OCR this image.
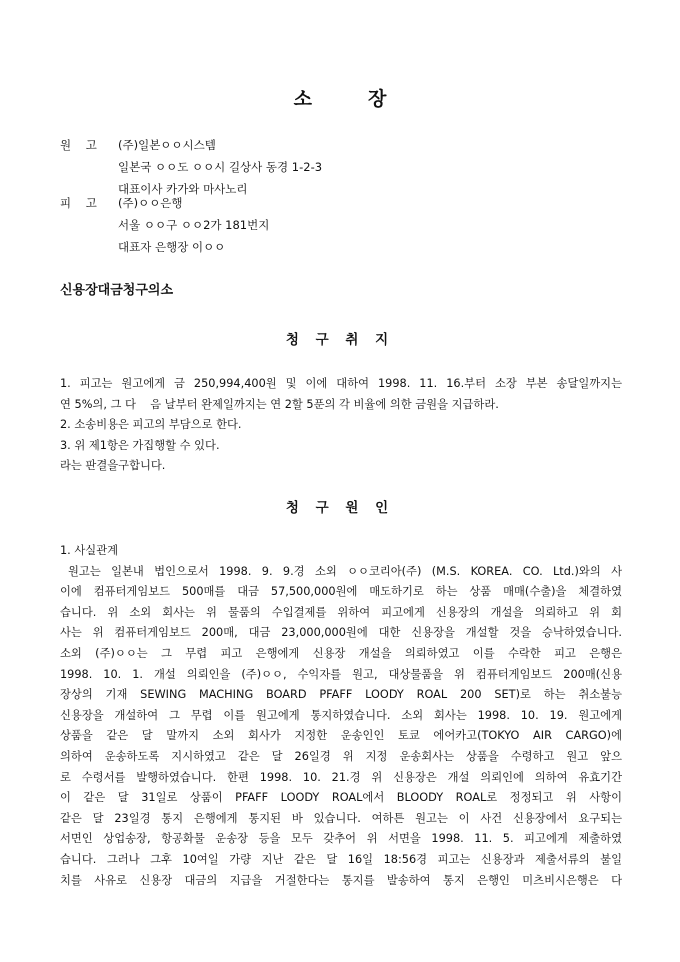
소	장
원    고	(주)일본ㅇㅇ시스템
일본국 ㅇㅇ도 ㅇㅇ시 길상사 동경 1-2-3
대표이사 카가와 마사노리
피    고	(주)ㅇㅇ은행
서울 ㅇㅇ구 ㅇㅇ2가 181번지
대표자 은행장 이ㅇㅇ
신용장대금청구의소
청 구 취 지

1. 피고는 원고에게 금 250,994,400원 및 이에 대하여 1998. 11. 16.부터 소장 부본 송달일까지는

연 5%의, 그 다    음 날부터 완제일까지는 연 2할 5푼의 각 비율에 의한 금원을 지급하라.

2. 소송비용은 피고의 부담으로 한다.

3. 위 제1항은 가집행할 수 있다.

라는 판결을구합니다.

청 구 원 인

1. 사실관계

원고는 일본내 법인으로서 1998. 9. 9.경 소외 ㅇㅇ코리아(주) (M.S. KOREA. CO. Ltd.)와의 사

이에 컴퓨터게임보드 500매를 대금 57,500,000원에 매도하기로 하는 상품 매매(수출)을 체결하였

습니다. 위 소외 회사는 위 물품의 수입결제를 위하여 피고에게 신용장의 개설을 의뢰하고 위 회

사는 위 컴퓨터게임보드 200매, 대금 23,000,000원에 대한 신용장을 개설할 것을 승낙하였습니다.

소외 (주)ㅇㅇ는 그 무렵 피고 은행에게 신용장 개설을 의뢰하였고 이를 수락한 피고 은행은

1998. 10. 1. 개설 의뢰인을 (주)ㅇㅇ, 수익자를 원고, 대상물품을 위 컴퓨터게임보드 200매(신용

장상의 기재 SEWING MACHING BOARD PFAFF LOODY ROAL 200 SET)로 하는 취소불능

신용장을 개설하여 그 무렵 이를 원고에게 통지하였습니다. 소외 회사는 1998. 10. 19. 원고에게

상품을 같은 달 말까지 소외 회사가 지정한 운송인인 토쿄 에어카고(TOKYO AIR CARGO)에

의하여 운송하도록 지시하였고 같은 달 26일경 위 지정 운송회사는 상품을 수령하고 원고 앞으

로 수령서를 발행하였습니다. 한편 1998. 10. 21.경 위 신용장은 개설 의뢰인에 의하여 유효기간

이 같은 달 31일로 상품이 PFAFF LOODY ROAL에서 BLOODY ROAL로 정정되고 위 사항이

같은 달 23일경 통지 은행에게 통지된 바 있습니다. 여하튼 원고는 이 사건 신용장에서 요구되는

서면인 상업송장, 항공화물 운송장 등을 모두 갖추어 위 서면을 1998. 11. 5. 피고에게 제출하였

습니다. 그러나 그후 10여일 가량 지난 같은 달 16일 18:56경 피고는 신용장과 제출서류의 불일

치를 사유로 신용장 대금의 지급을 거절한다는 통지를 발송하여 통지 은행인 미츠비시은행은 다
